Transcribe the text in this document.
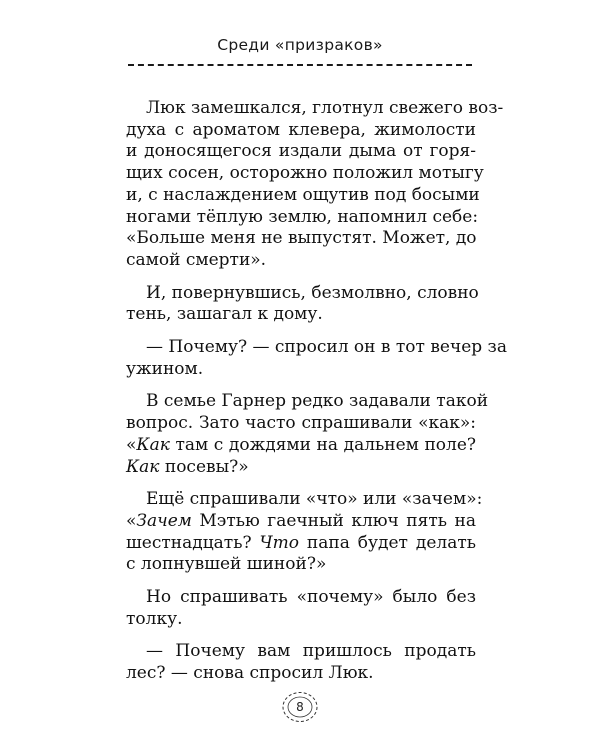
Среди «призраков»
Люк замешкался, глотнул свежего воз-
духа с ароматом клевера, жимолости
и доносящегося издали дыма от горя-
щих сосен, осторожно положил мотыгу
и, с наслаждением ощутив под босыми
ногами тёплую землю, напомнил себе:
«Больше меня не выпустят. Может, до
самой смерти».
И, повернувшись, безмолвно, словно
тень, зашагал к дому.
— Почему? — спросил он в тот вечер за
ужином.
В семье Гарнер редко задавали такой
вопрос. Зато часто спрашивали «как»:
«Как там с дождями на дальнем поле?
Как посевы?»
Ещё спрашивали «что» или «зачем»:
«Зачем Мэтью гаечный ключ пять на
шестнадцать? Что папа будет делать
с лопнувшей шиной?»
Но спрашивать «почему» было без
толку.
— Почему вам пришлось продать
лес? — снова спросил Люк.
8
